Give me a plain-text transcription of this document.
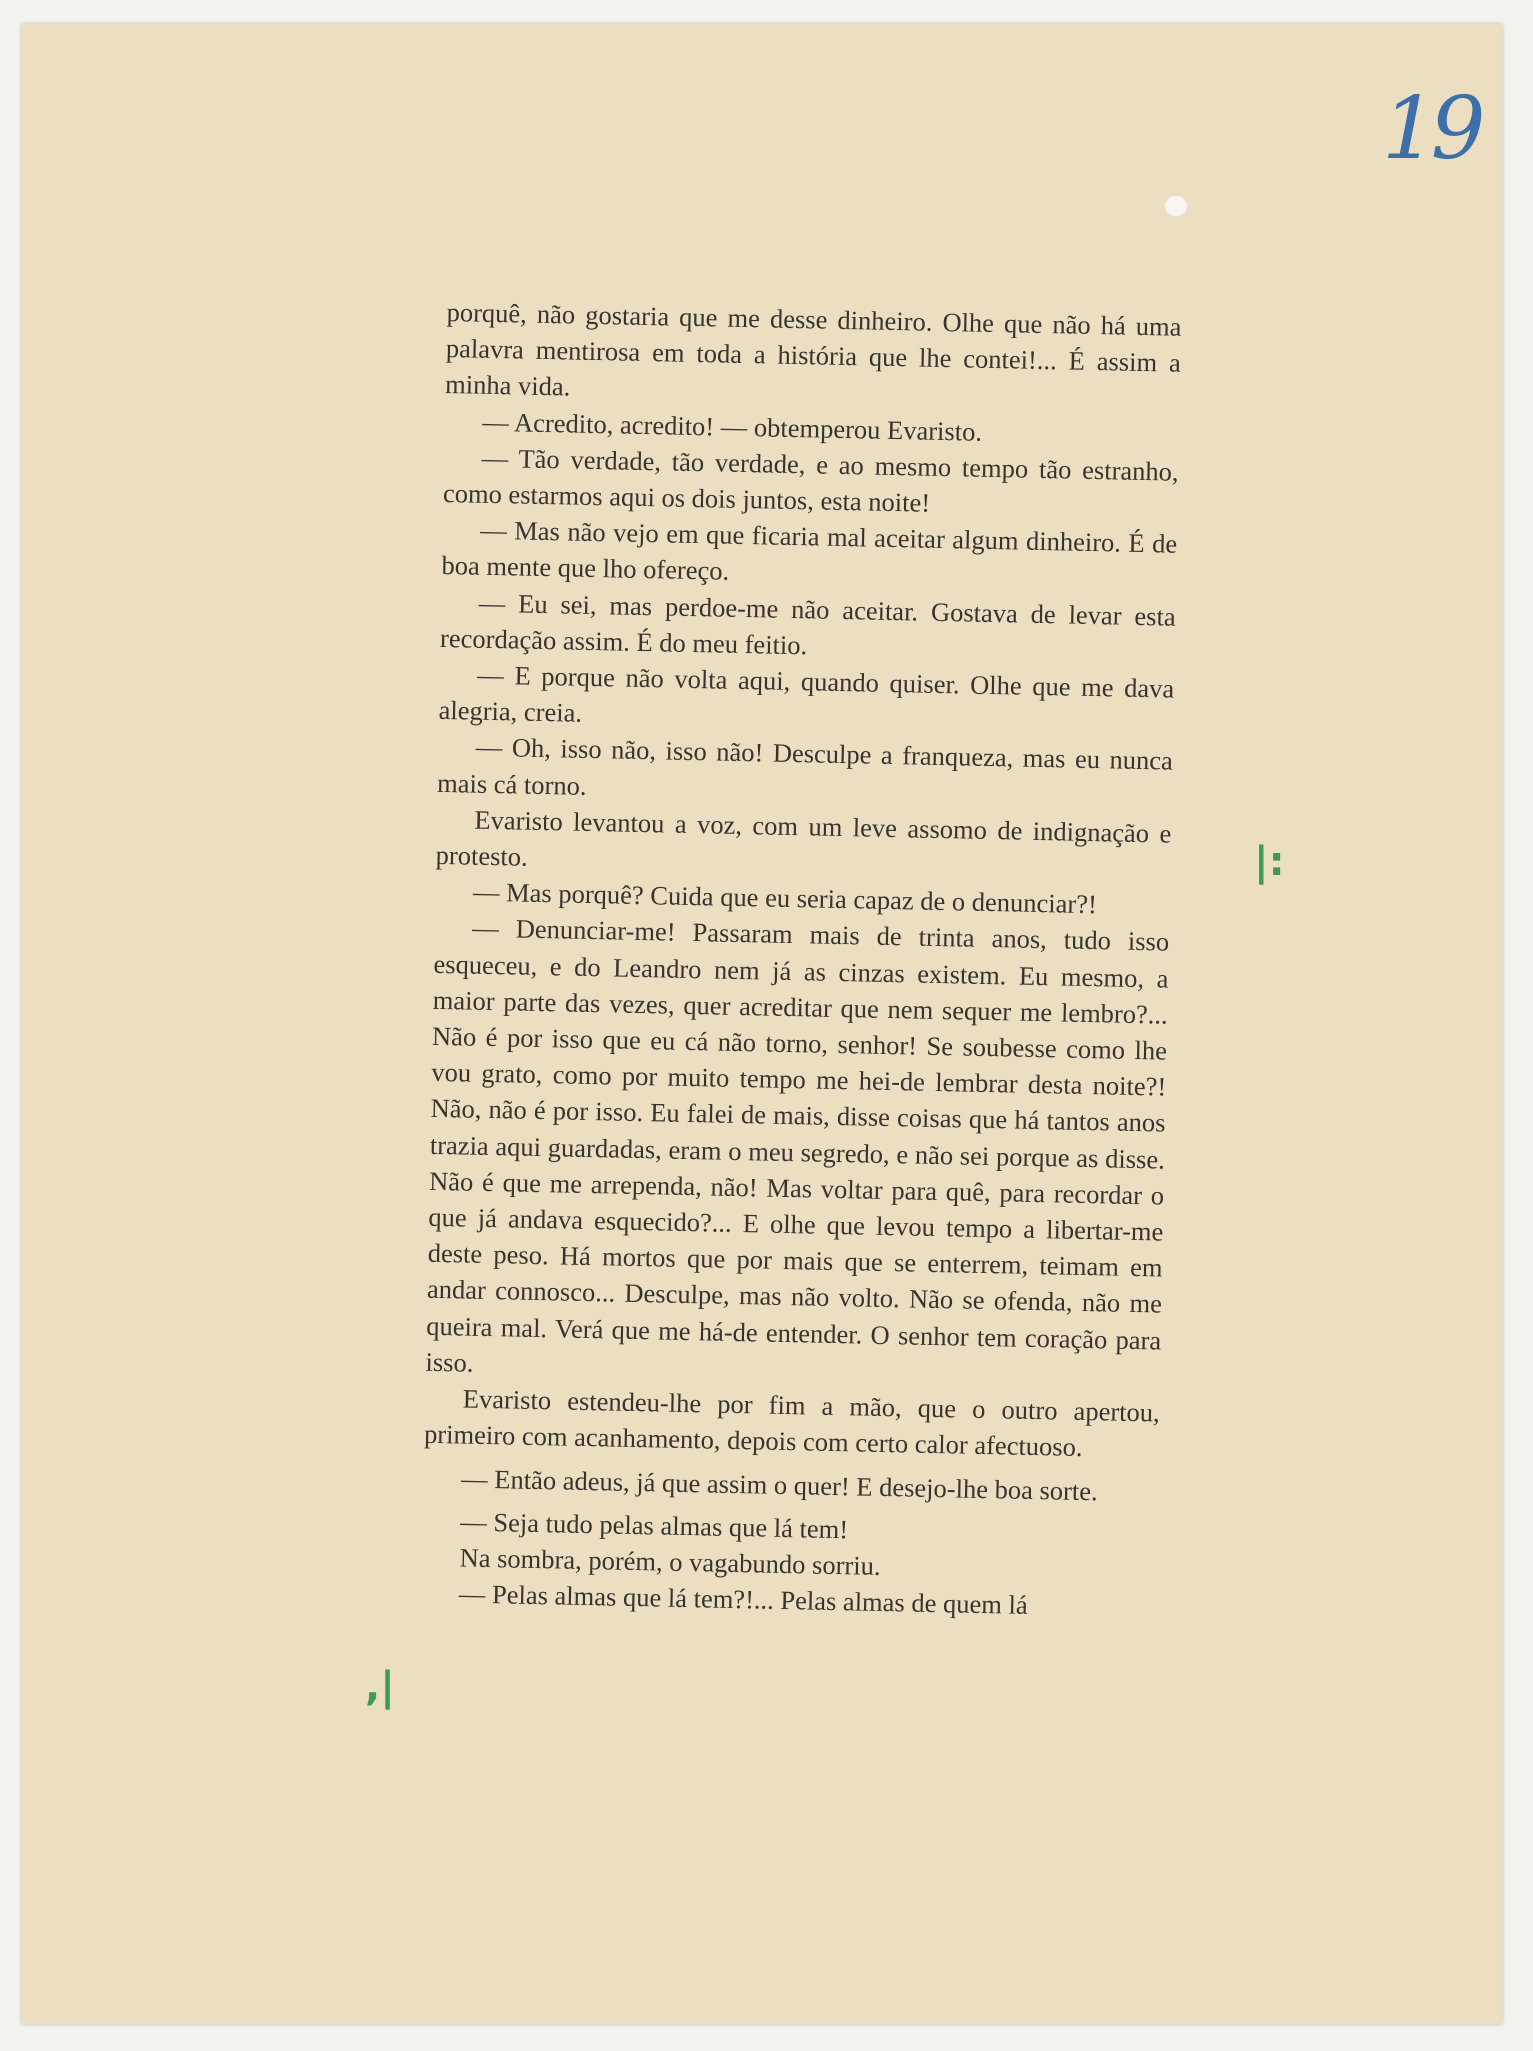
19

porquê, não gostaria que me desse dinheiro. Olhe que não há uma palavra mentirosa em toda a história que lhe contei!... É assim a minha vida.

— Acredito, acredito! — obtemperou Evaristo.

— Tão verdade, tão verdade, e ao mesmo tempo tão estranho, como estarmos aqui os dois juntos, esta noite!

— Mas não vejo em que ficaria mal aceitar algum dinheiro. É de boa mente que lho ofereço.

— Eu sei, mas perdoe-me não aceitar. Gostava de levar esta recordação assim. É do meu feitio.

— E porque não volta aqui, quando quiser. Olhe que me dava alegria, creia.

— Oh, isso não, isso não! Desculpe a franqueza, mas eu nunca mais cá torno.

Evaristo levantou a voz, com um leve assomo de indignação e protesto.

— Mas porquê? Cuida que eu seria capaz de o denunciar?!

— Denunciar-me! Passaram mais de trinta anos, tudo isso esqueceu, e do Leandro nem já as cinzas existem. Eu mesmo, a maior parte das vezes, quer acreditar que nem sequer me lembro?... Não é por isso que eu cá não torno, senhor! Se soubesse como lhe vou grato, como por muito tempo me hei-de lembrar desta noite?! Não, não é por isso. Eu falei de mais, disse coisas que há tantos anos trazia aqui guardadas, eram o meu segredo, e não sei porque as disse. Não é que me arrependa, não! Mas voltar para quê, para recordar o que já andava esquecido?... E olhe que levou tempo a libertar-me deste peso. Há mortos que por mais que se enterrem, teimam em andar connosco... Desculpe, mas não volto. Não se ofenda, não me queira mal. Verá que me há-de entender. O senhor tem coração para isso.

Evaristo estendeu-lhe por fim a mão, que o outro apertou, primeiro com acanhamento, depois com certo calor afectuoso.

— Então adeus, já que assim o quer! E desejo-lhe boa sorte.

— Seja tudo pelas almas que lá tem!

Na sombra, porém, o vagabundo sorriu.

— Pelas almas que lá tem?!... Pelas almas de quem lá

|:
,|
